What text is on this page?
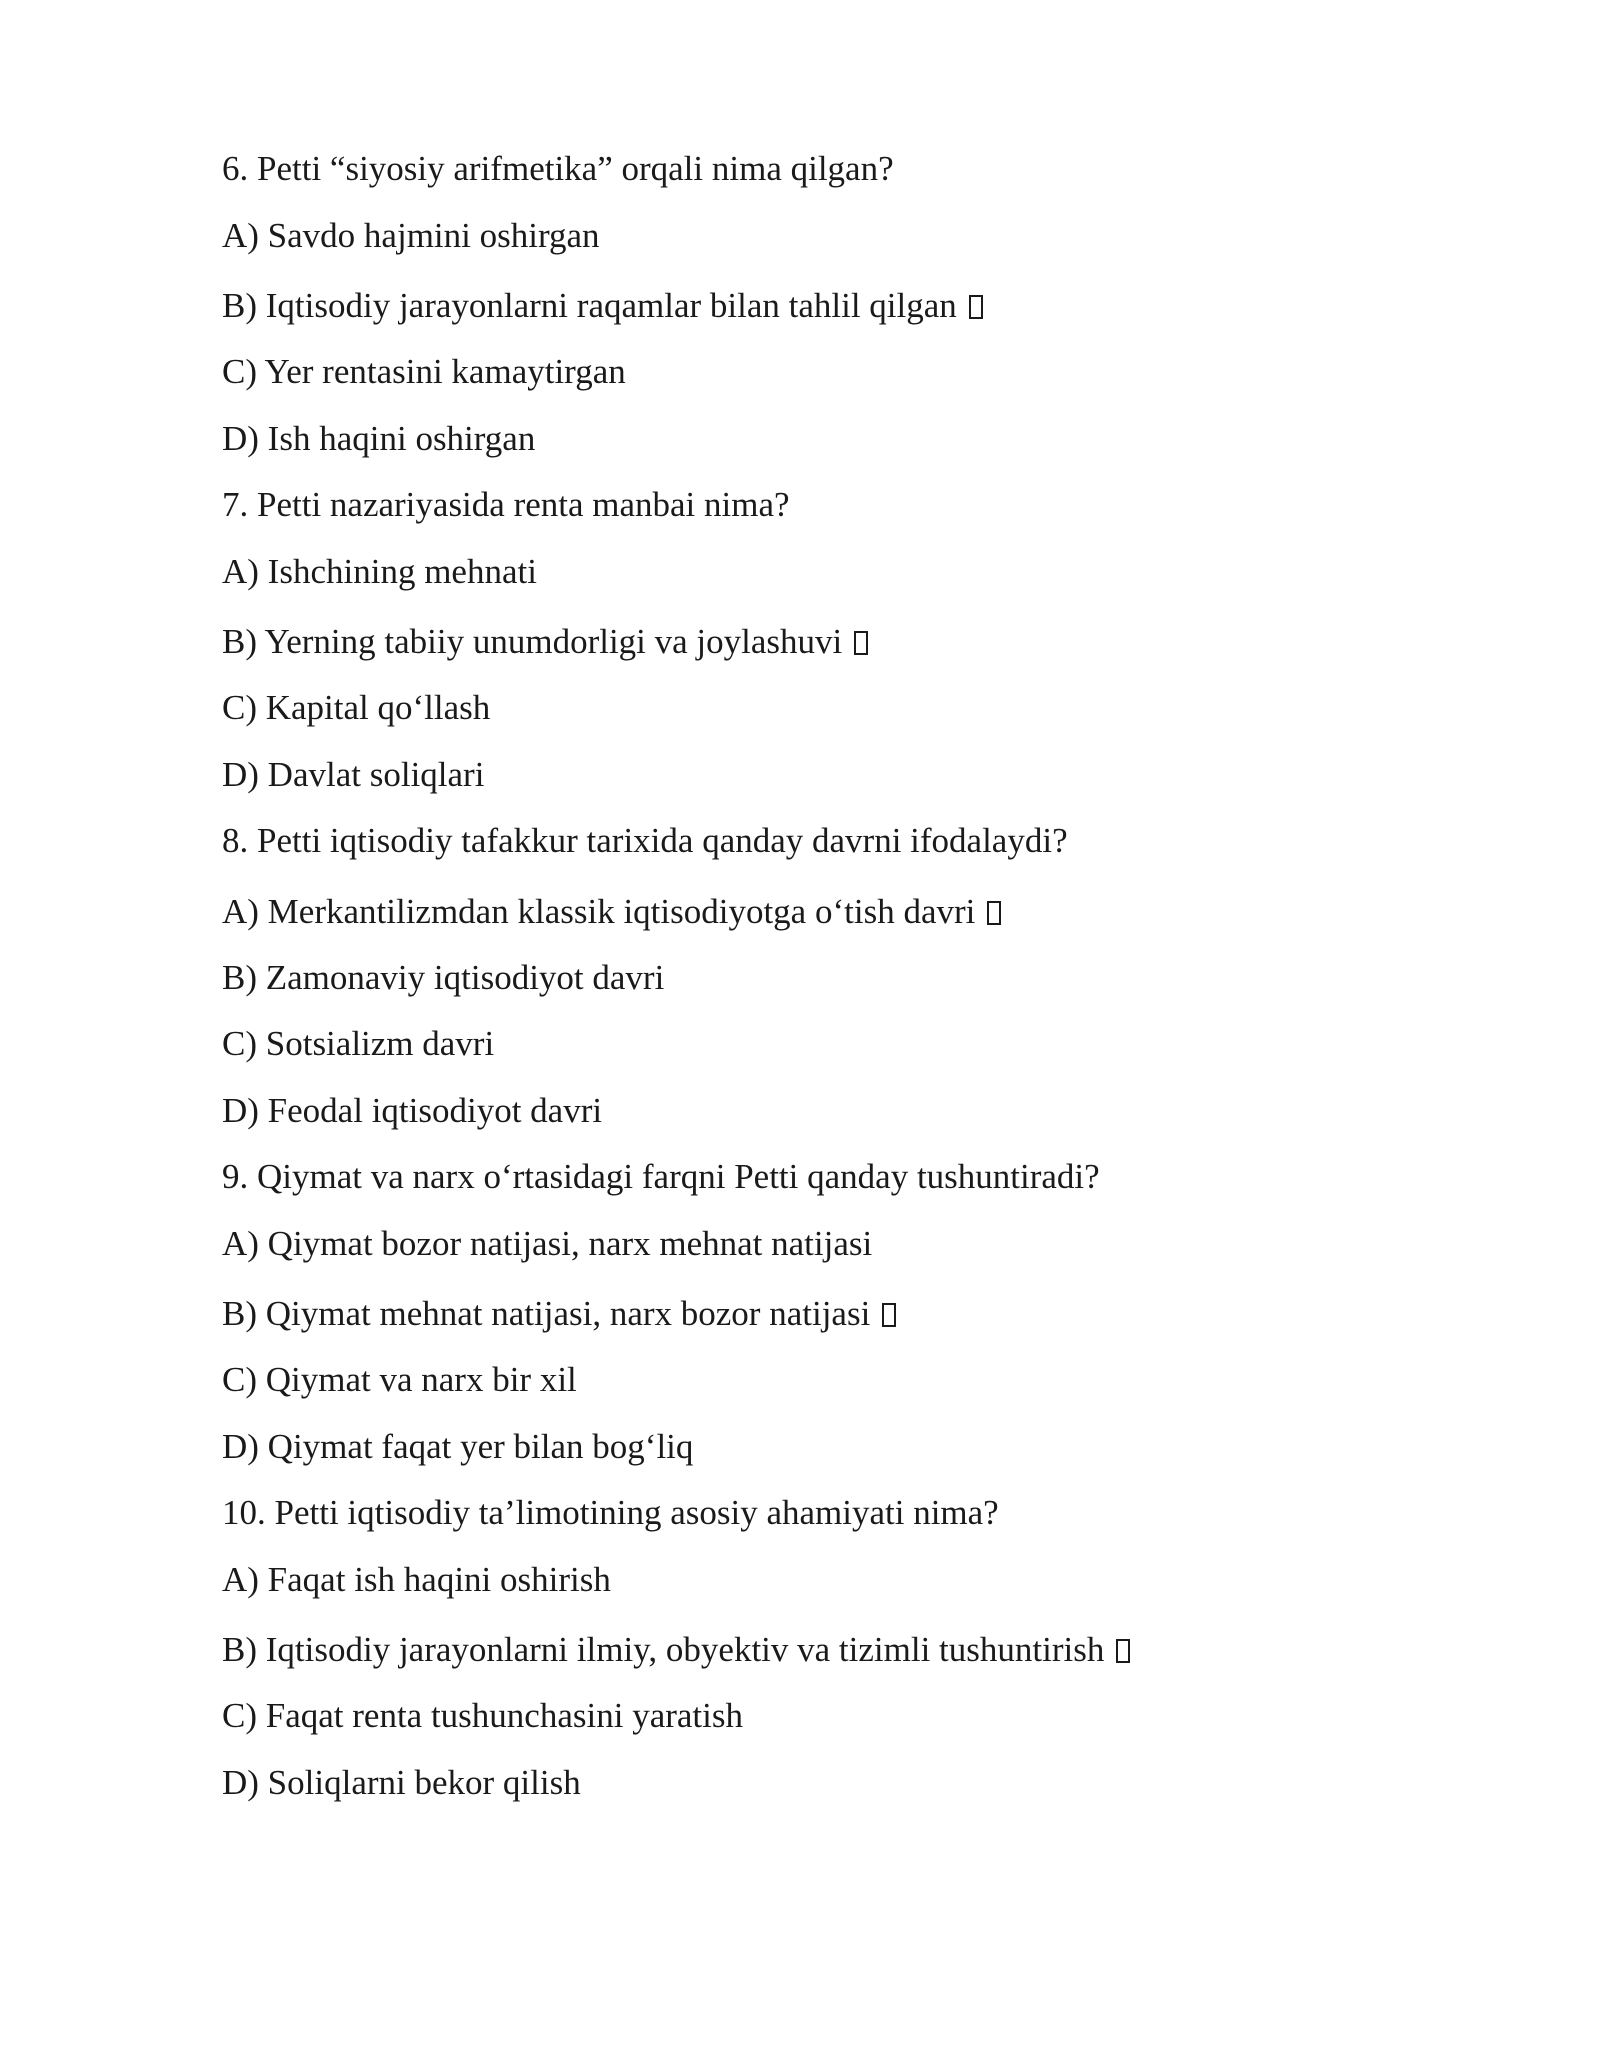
6. Petti “siyosiy arifmetika” orqali nima qilgan?
A) Savdo hajmini oshirgan
B) Iqtisodiy jarayonlarni raqamlar bilan tahlil qilgan
C) Yer rentasini kamaytirgan
D) Ish haqini oshirgan
7. Petti nazariyasida renta manbai nima?
A) Ishchining mehnati
B) Yerning tabiiy unumdorligi va joylashuvi
C) Kapital qo‘llash
D) Davlat soliqlari
8. Petti iqtisodiy tafakkur tarixida qanday davrni ifodalaydi?
A) Merkantilizmdan klassik iqtisodiyotga o‘tish davri
B) Zamonaviy iqtisodiyot davri
C) Sotsializm davri
D) Feodal iqtisodiyot davri
9. Qiymat va narx o‘rtasidagi farqni Petti qanday tushuntiradi?
A) Qiymat bozor natijasi, narx mehnat natijasi
B) Qiymat mehnat natijasi, narx bozor natijasi
C) Qiymat va narx bir xil
D) Qiymat faqat yer bilan bog‘liq
10. Petti iqtisodiy ta’limotining asosiy ahamiyati nima?
A) Faqat ish haqini oshirish
B) Iqtisodiy jarayonlarni ilmiy, obyektiv va tizimli tushuntirish
C) Faqat renta tushunchasini yaratish
D) Soliqlarni bekor qilish
